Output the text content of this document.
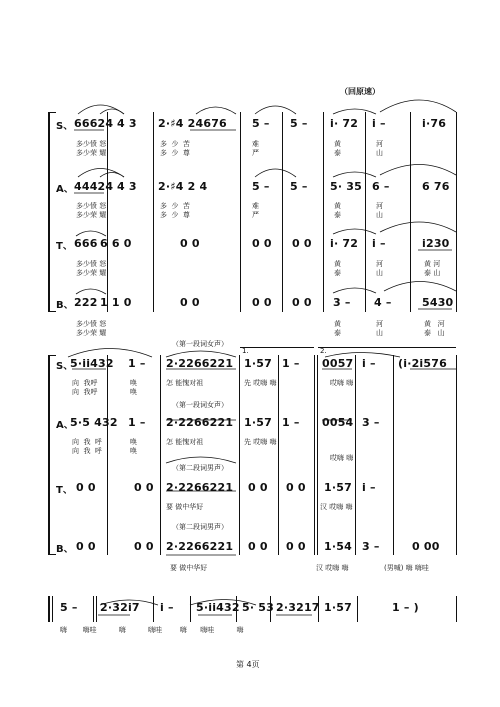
（回原速）
S、 66624 4 3 2·♯4 24676 5 – 5 – i· 72 i –	i·76
多少愤 怒
多少荣 耀
多  少  苦
多  少  尊
难
严
黄
泰
河
山
A、 44424 4 3 2·♯4 2 4	5 – 5 – 5· 35 6 –	6 76
多少愤 怒
多少荣 耀
多  少  苦
多  少  尊
难
严
黄
泰
河
山
T、 666 6 6 0	0 0	0 0 0 0 i· 72 i –	i230
多少愤 怒
多少荣 耀
黄
泰
河
山
黄 河
泰 山
B、 222 1 1 0	0 0	0 0 0 0 3 – 4 –	5430
多少愤 怒
多少荣 耀
黄
泰
河
山
黄   河
泰   山
1.	2.
（第一段词女声）
（第一段词女声）
（第二段词男声）
（第二段词男声）
S、
5·ii432 1 – 2·2266221 1·57 1 – 0057 i – (i·2i576
向  我呼
向  我呼
唤
唤
怎 能愧对祖	先 哎嗨 嗨	哎嗨 嗨
A、
5·5 432 1 – 2·2266221 1·57 1 – 0054 3 –
向  我  呼
向  我  呼
唤
唤
怎 能愧对祖	先 哎嗨 嗨
哎嗨 嗨
T、 0 0	0 0 2·2266221 0 0 0 0 1·57 i –
要 做中华好	汉 哎嗨 嗨
B、 0 0	0 0 2·2266221 0 0 0 0 1·54 3 –	0 00
要 做中华好	汉 哎嗨 嗨	(男喊) 嗨 嗨哇
5 – 2·32i7 i – 5·ii432 5· 53 2·3217 1·57	1 – )
嗨       嗨哇          嗨          嗨哇        嗨      嗨哇          嗨
第 4页
